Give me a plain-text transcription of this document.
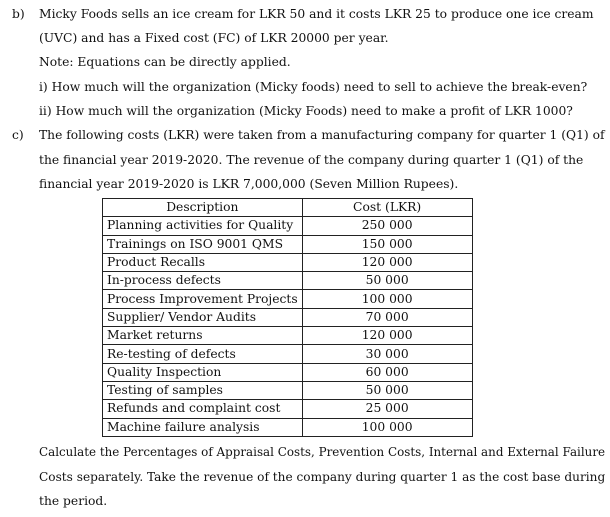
b) Micky Foods sells an ice cream for LKR 50 and it costs LKR 25 to produce one ice cream
(UVC) and has a Fixed cost (FC) of LKR 20000 per year.
Note: Equations can be directly applied.
i) How much will the organization (Micky foods) need to sell to achieve the break-even?
ii) How much will the organization (Micky Foods) need to make a profit of LKR 1000?
c) The following costs (LKR) were taken from a manufacturing company for quarter 1 (Q1) of
the financial year 2019-2020. The revenue of the company during quarter 1 (Q1) of the
financial year 2019-2020 is LKR 7,000,000 (Seven Million Rupees).
Description	Cost (LKR)
Planning activities for Quality	250 000
Trainings on ISO 9001 QMS	150 000
Product Recalls	120 000
In-process defects	50 000
Process Improvement Projects	100 000
Supplier/ Vendor Audits	70 000
Market returns	120 000
Re-testing of defects	30 000
Quality Inspection	60 000
Testing of samples	50 000
Refunds and complaint cost	25 000
Machine failure analysis	100 000
Calculate the Percentages of Appraisal Costs, Prevention Costs, Internal and External Failure
Costs separately. Take the revenue of the company during quarter 1 as the cost base during
the period.
